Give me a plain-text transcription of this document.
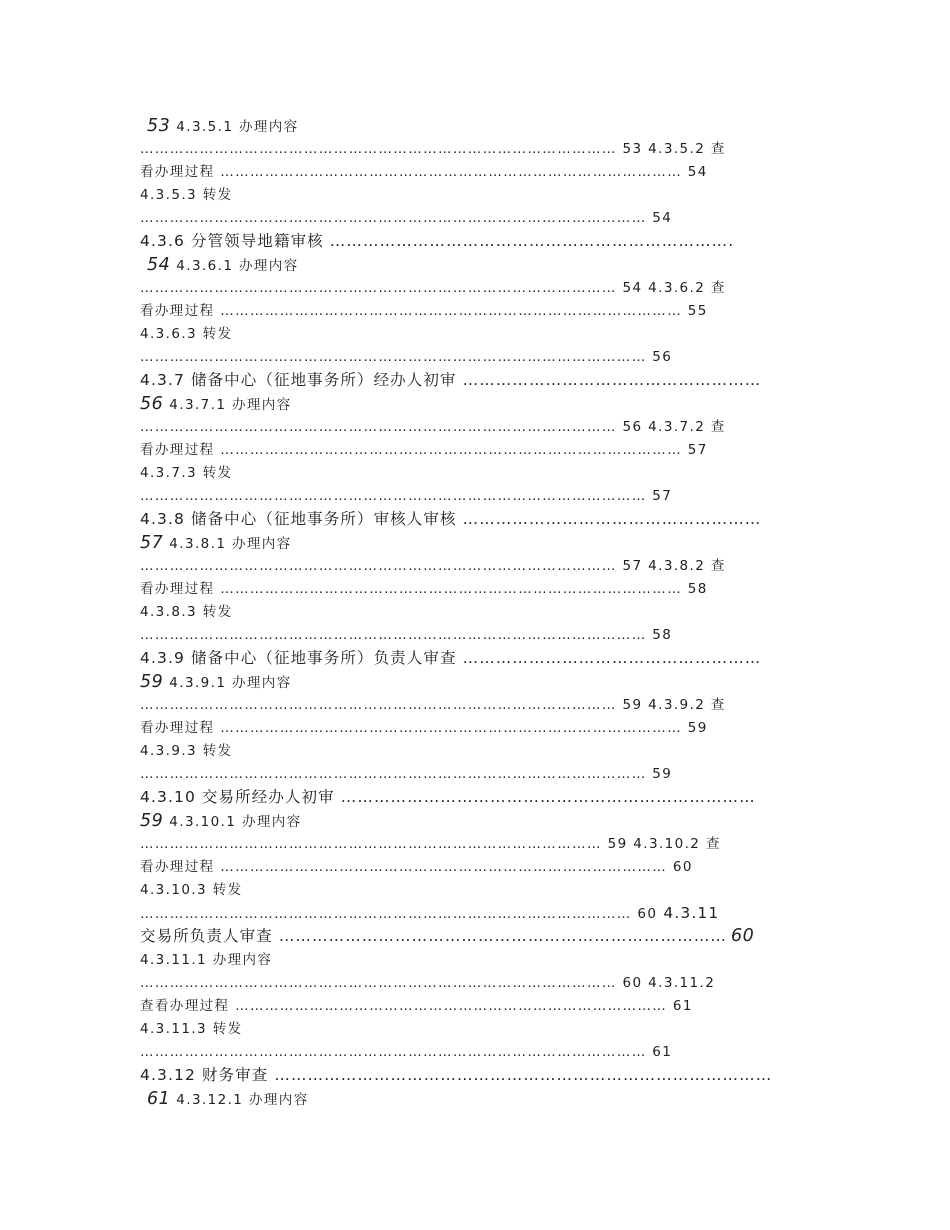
53 4.3.5.1 办理内容
…………………………………………………………………………………… 53 4.3.5.2 查
看办理过程 ………………………………………………………………………………… 54
4.3.5.3 转发
………………………………………………………………………………………… 54
4.3.6 分管领导地籍审核 ……………………………………………………………….
54 4.3.6.1 办理内容
…………………………………………………………………………………… 54 4.3.6.2 查
看办理过程 ………………………………………………………………………………… 55
4.3.6.3 转发
………………………………………………………………………………………… 56
4.3.7 储备中心（征地事务所）经办人初审 ………………………………………………
56 4.3.7.1 办理内容
…………………………………………………………………………………… 56 4.3.7.2 查
看办理过程 ………………………………………………………………………………… 57
4.3.7.3 转发
………………………………………………………………………………………… 57
4.3.8 储备中心（征地事务所）审核人审核 ………………………………………………
57 4.3.8.1 办理内容
…………………………………………………………………………………… 57 4.3.8.2 查
看办理过程 ………………………………………………………………………………… 58
4.3.8.3 转发
………………………………………………………………………………………… 58
4.3.9 储备中心（征地事务所）负责人审查 ………………………………………………
59 4.3.9.1 办理内容
…………………………………………………………………………………… 59 4.3.9.2 查
看办理过程 ………………………………………………………………………………… 59
4.3.9.3 转发
………………………………………………………………………………………… 59
4.3.10 交易所经办人初审 …………………………………………………………………
59 4.3.10.1 办理内容
………………………………………………………………………………… 59 4.3.10.2 查
看办理过程 ……………………………………………………………………………… 60
4.3.10.3 转发
……………………………………………………………………………………… 60 4.3.11
交易所负责人审查 ……………………………………………………………………… 60
4.3.11.1 办理内容
…………………………………………………………………………………… 60 4.3.11.2
查看办理过程 …………………………………………………………………………… 61
4.3.11.3 转发
………………………………………………………………………………………… 61
4.3.12 财务审查 ………………………………………………………………………………
61 4.3.12.1 办理内容
